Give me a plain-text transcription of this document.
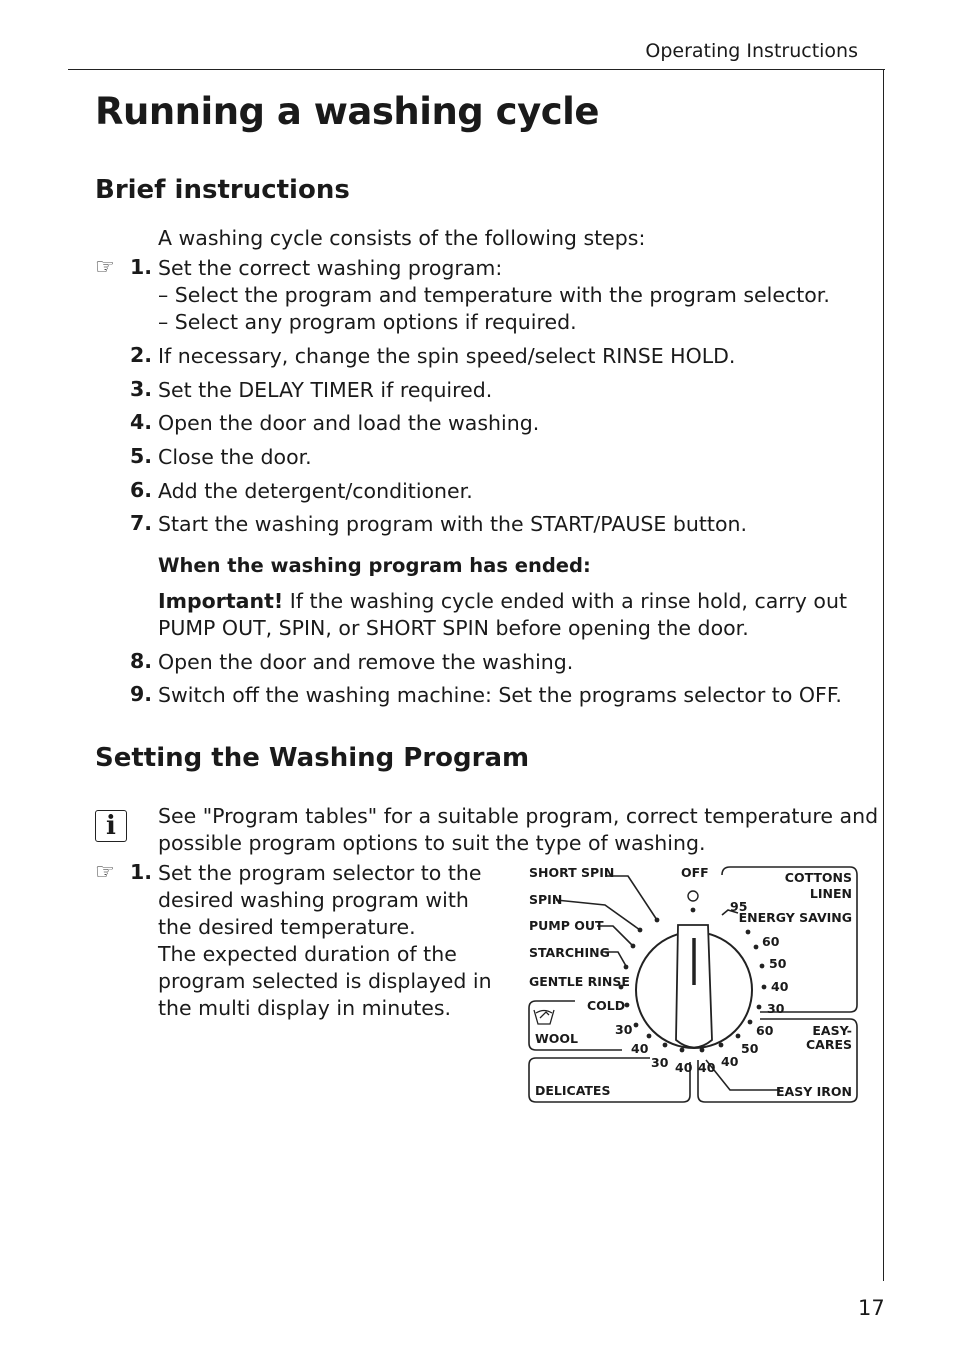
Operating Instructions
17
Running a washing cycle
Brief instructions
A washing cycle consists of the following steps:
☞ 1. Set the correct washing program:
– Select the program and temperature with the program selector.
– Select any program options if required.
2. If necessary, change the spin speed/select RINSE HOLD.
3. Set the DELAY TIMER if required.
4. Open the door and load the washing.
5. Close the door.
6. Add the detergent/conditioner.
7. Start the washing program with the START/PAUSE button.
When the washing program has ended:
Important! If the washing cycle ended with a rinse hold, carry out
PUMP OUT, SPIN, or SHORT SPIN before opening the door.
8. Open the door and remove the washing.
9. Switch off the washing machine: Set the programs selector to OFF.
Setting the Washing Program
i	See "Program tables" for a suitable program, correct temperature and
possible program options to suit the type of washing.
☞ 1. Set the program selector to the
desired washing program with
the desired temperature.
The expected duration of the
program selected is displayed in
the multi display in minutes.
SHORT SPIN
SPIN
PUMP OUT
STARCHING
GENTLE RINSE
OFF	COTTONS
LINEN
ENERGY SAVING
95
60
50
40
30
EASY-
CARES
60
50
40
EASY IRON
COLD
WOOL
30
40
DELICATES
30 40 40
